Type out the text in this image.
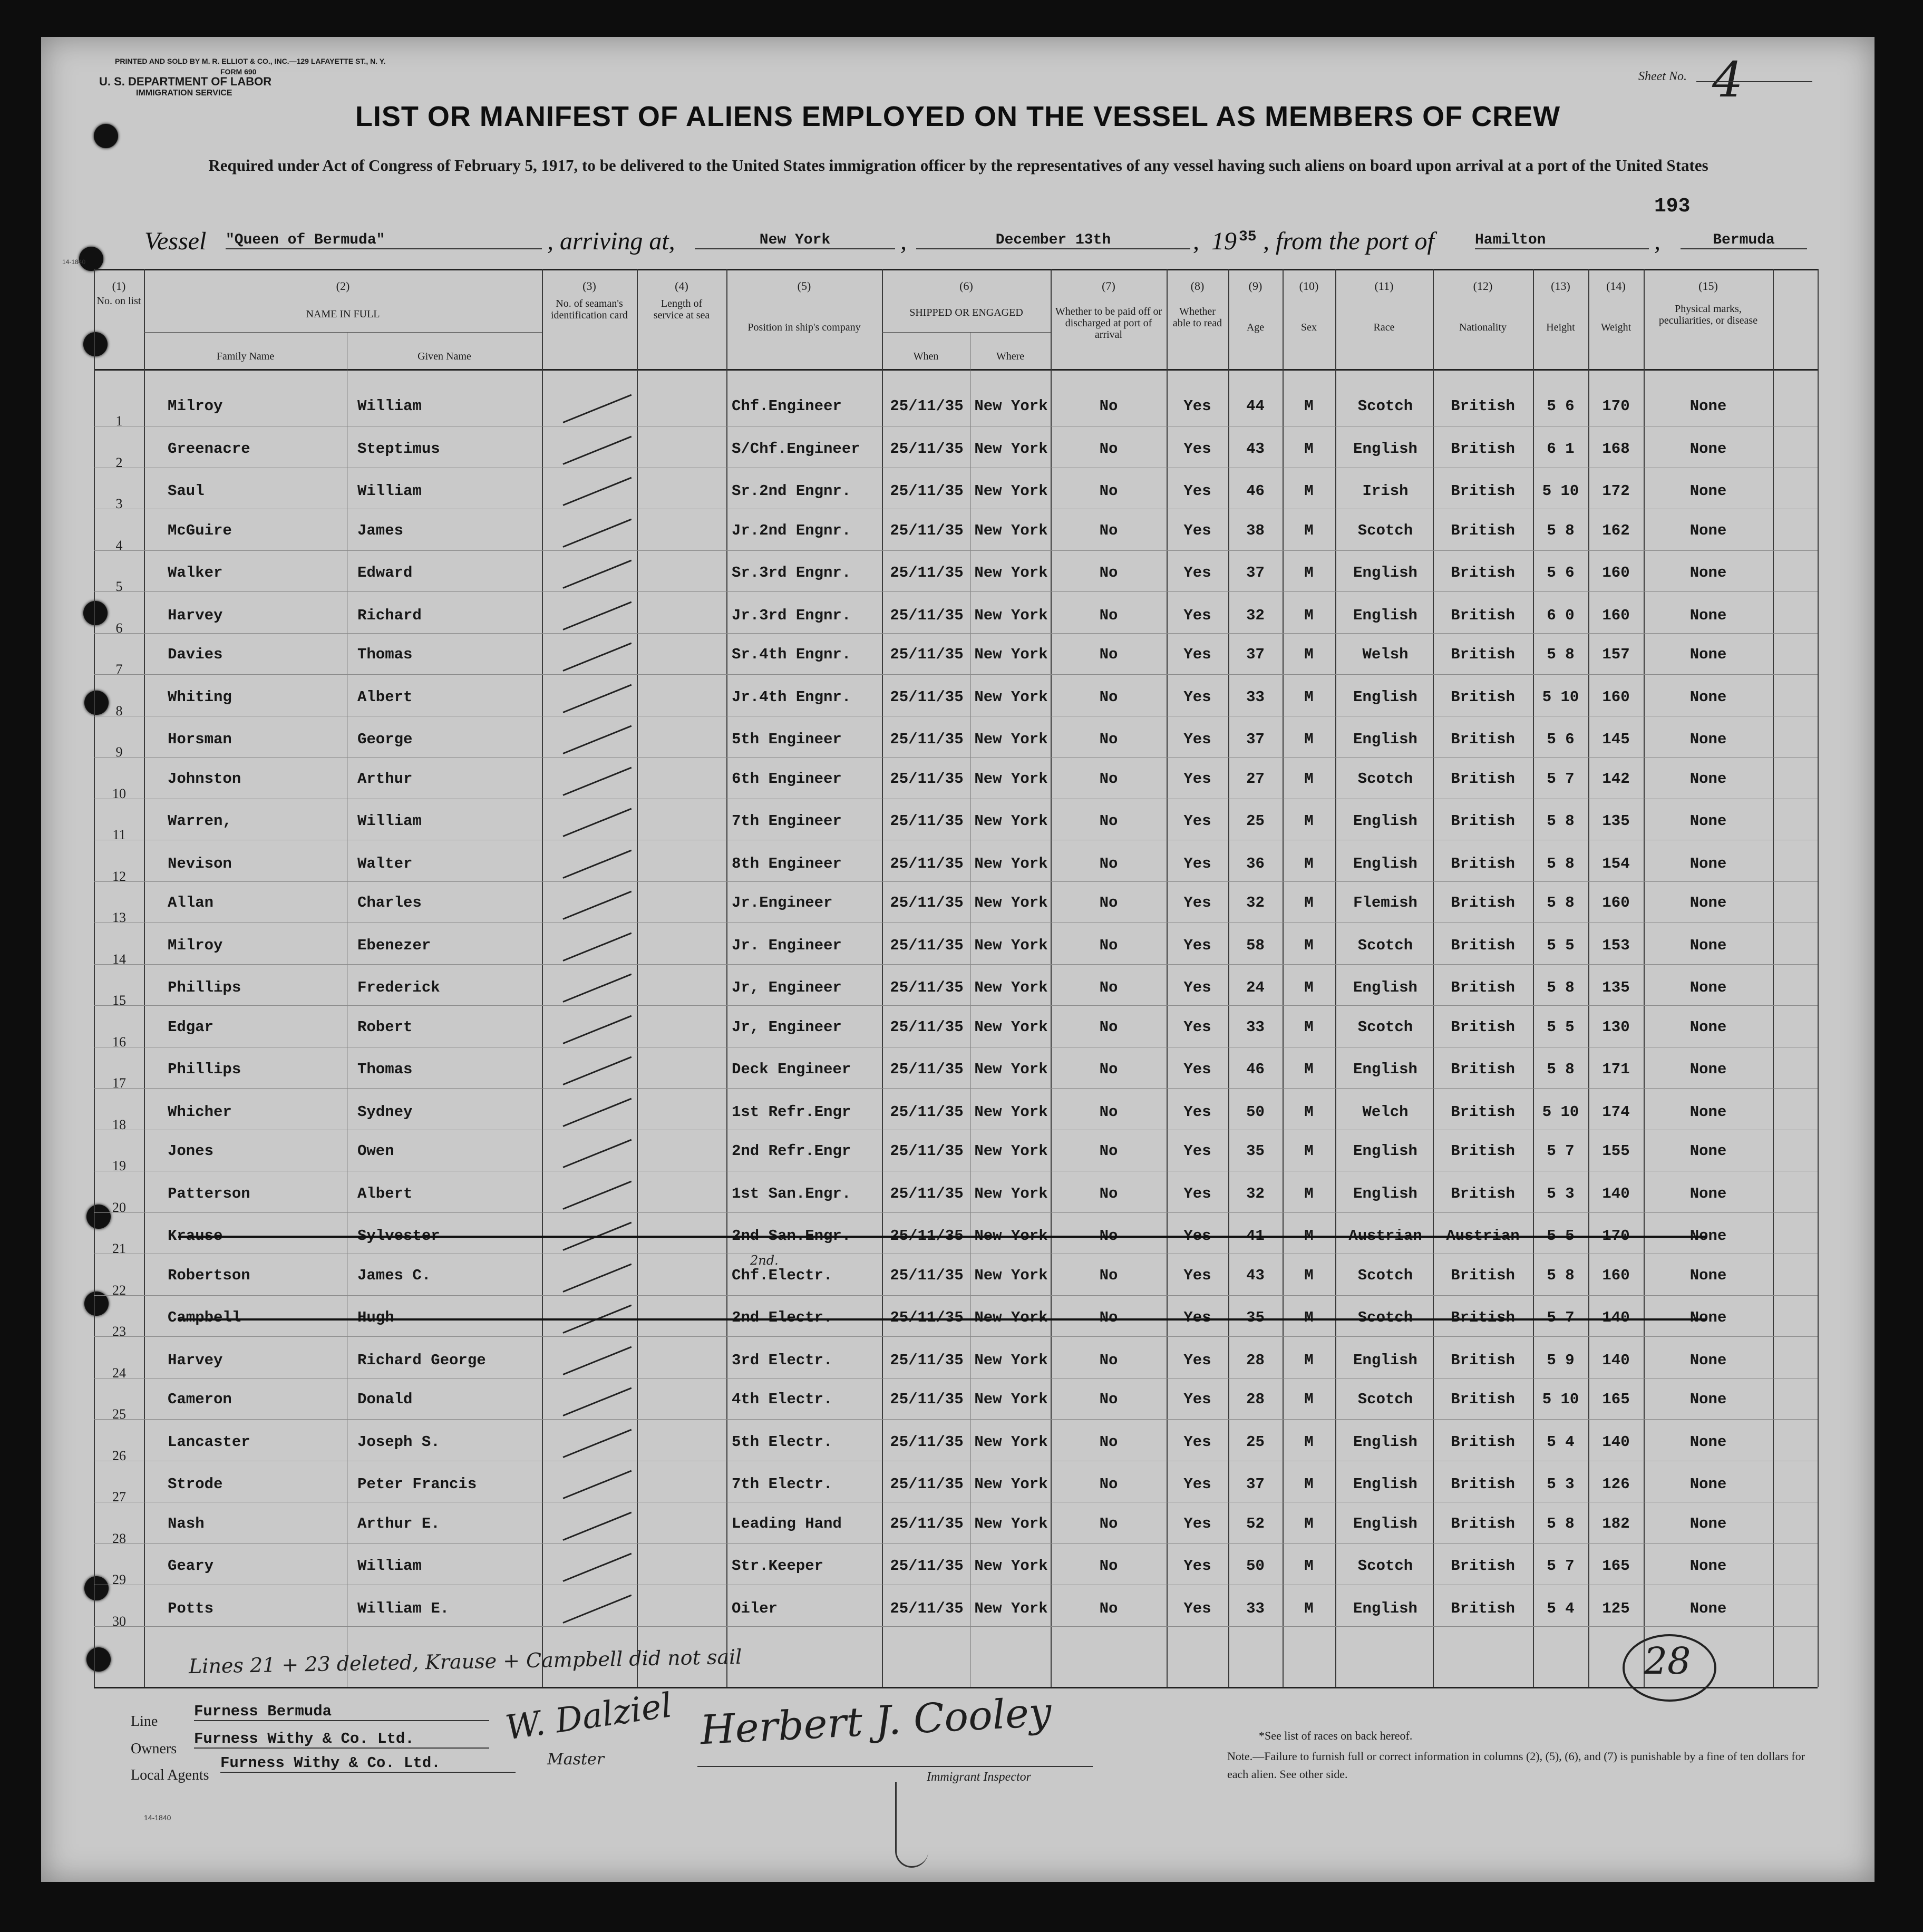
PRINTED AND SOLD BY M. R. ELLIOT & CO., INC.—129 LAFAYETTE ST., N. Y.
FORM 690
U. S. DEPARTMENT OF LABOR
IMMIGRATION SERVICE
Sheet No. 4
LIST OR MANIFEST OF ALIENS EMPLOYED ON THE VESSEL AS MEMBERS OF CREW
Required under Act of Congress of February 5, 1917, to be delivered to the United States immigration officer by the representatives of any vessel having such aliens on board upon arrival at a port of the United States
193
Vessel "Queen of Bermuda"	, arriving at,	New York	,	December 13th	, 19 35 , from the port of	Hamilton	,	Bermuda
14-1840
(1)
No. on list
(2)
NAME IN FULL
Family Name	Given Name
(3)
No. of seaman's identification card
(4)
Length of service at sea
(5)
Position in ship's company
(6)
SHIPPED OR ENGAGED
When	Where
(7)
Whether to be paid off or discharged at port of arrival
(8)
Whether able to read
(9)
Age
(10)
Sex
(11)
Race
(12)
Nationality
(13)
Height
(14)
Weight
(15)
Physical marks, peculiarities, or disease
1
Milroy	William	Chf.Engineer	25/11/35 New York	No	Yes	44	M	Scotch	British	5 6	170	None
2
Greenacre	Steptimus	S/Chf.Engineer	25/11/35 New York	No	Yes	43	M	English	British	6 1	168	None
3
Saul	William	Sr.2nd Engnr.	25/11/35 New York	No	Yes	46	M	Irish	British	5 10	172	None
4
McGuire	James	Jr.2nd Engnr.	25/11/35 New York	No	Yes	38	M	Scotch	British	5 8	162	None
5
Walker	Edward	Sr.3rd Engnr.	25/11/35 New York	No	Yes	37	M	English	British	5 6	160	None
6
Harvey	Richard	Jr.3rd Engnr.	25/11/35 New York	No	Yes	32	M	English	British	6 0	160	None
7
Davies	Thomas	Sr.4th Engnr.	25/11/35 New York	No	Yes	37	M	Welsh	British	5 8	157	None
8
Whiting	Albert	Jr.4th Engnr.	25/11/35 New York	No	Yes	33	M	English	British	5 10	160	None
9
Horsman	George	5th Engineer	25/11/35 New York	No	Yes	37	M	English	British	5 6	145	None
10
Johnston	Arthur	6th Engineer	25/11/35 New York	No	Yes	27	M	Scotch	British	5 7	142	None
11
Warren,	William	7th Engineer	25/11/35 New York	No	Yes	25	M	English	British	5 8	135	None
12
Nevison	Walter	8th Engineer	25/11/35 New York	No	Yes	36	M	English	British	5 8	154	None
13
Allan	Charles	Jr.Engineer	25/11/35 New York	No	Yes	32	M	Flemish	British	5 8	160	None
14
Milroy	Ebenezer	Jr. Engineer	25/11/35 New York	No	Yes	58	M	Scotch	British	5 5	153	None
15
Phillips	Frederick	Jr, Engineer	25/11/35 New York	No	Yes	24	M	English	British	5 8	135	None
16
Edgar	Robert	Jr, Engineer	25/11/35 New York	No	Yes	33	M	Scotch	British	5 5	130	None
17
Phillips	Thomas	Deck Engineer	25/11/35 New York	No	Yes	46	M	English	British	5 8	171	None
18
Whicher	Sydney	1st Refr.Engr	25/11/35 New York	No	Yes	50	M	Welch	British	5 10	174	None
19
Jones	Owen	2nd Refr.Engr	25/11/35 New York	No	Yes	35	M	English	British	5 7	155	None
20
Patterson	Albert	1st San.Engr.	25/11/35 New York	No	Yes	32	M	English	British	5 3	140	None
21
Krause	Sylvester	2nd San.Engr.	25/11/35 New York	No	Yes	41	M	Austrian	Austrian	5 5	170	None
22
Robertson	James C.	Chf.Electr.	25/11/35 New York	No	Yes	43	M	Scotch	British	5 8	160	None
2nd.
23
Campbell	Hugh	2nd Electr.	25/11/35 New York	No	Yes	35	M	Scotch	British	5 7	140	None
24
Harvey	Richard George	3rd Electr.	25/11/35 New York	No	Yes	28	M	English	British	5 9	140	None
25
Cameron	Donald	4th Electr.	25/11/35 New York	No	Yes	28	M	Scotch	British	5 10	165	None
26
Lancaster	Joseph S.	5th Electr.	25/11/35 New York	No	Yes	25	M	English	British	5 4	140	None
27
Strode	Peter Francis	7th Electr.	25/11/35 New York	No	Yes	37	M	English	British	5 3	126	None
28
Nash	Arthur E.	Leading Hand	25/11/35 New York	No	Yes	52	M	English	British	5 8	182	None
29
Geary	William	Str.Keeper	25/11/35 New York	No	Yes	50	M	Scotch	British	5 7	165	None
30
Potts	William E.	Oiler	25/11/35 New York	No	Yes	33	M	English	British	5 4	125	None
Lines 21 + 23 deleted, Krause + Campbell did not sail	28
Line
Furness Bermuda
Owners
Furness Withy & Co. Ltd.
Local Agents
Furness Withy & Co. Ltd.
W. Dalziel
Master
Herbert J. Cooley
Immigrant Inspector
*See list of races on back hereof.
Note.—Failure to furnish full or correct information in columns (2), (5), (6), and (7) is punishable by a fine of ten dollars for each alien. See other side.
14-1840
